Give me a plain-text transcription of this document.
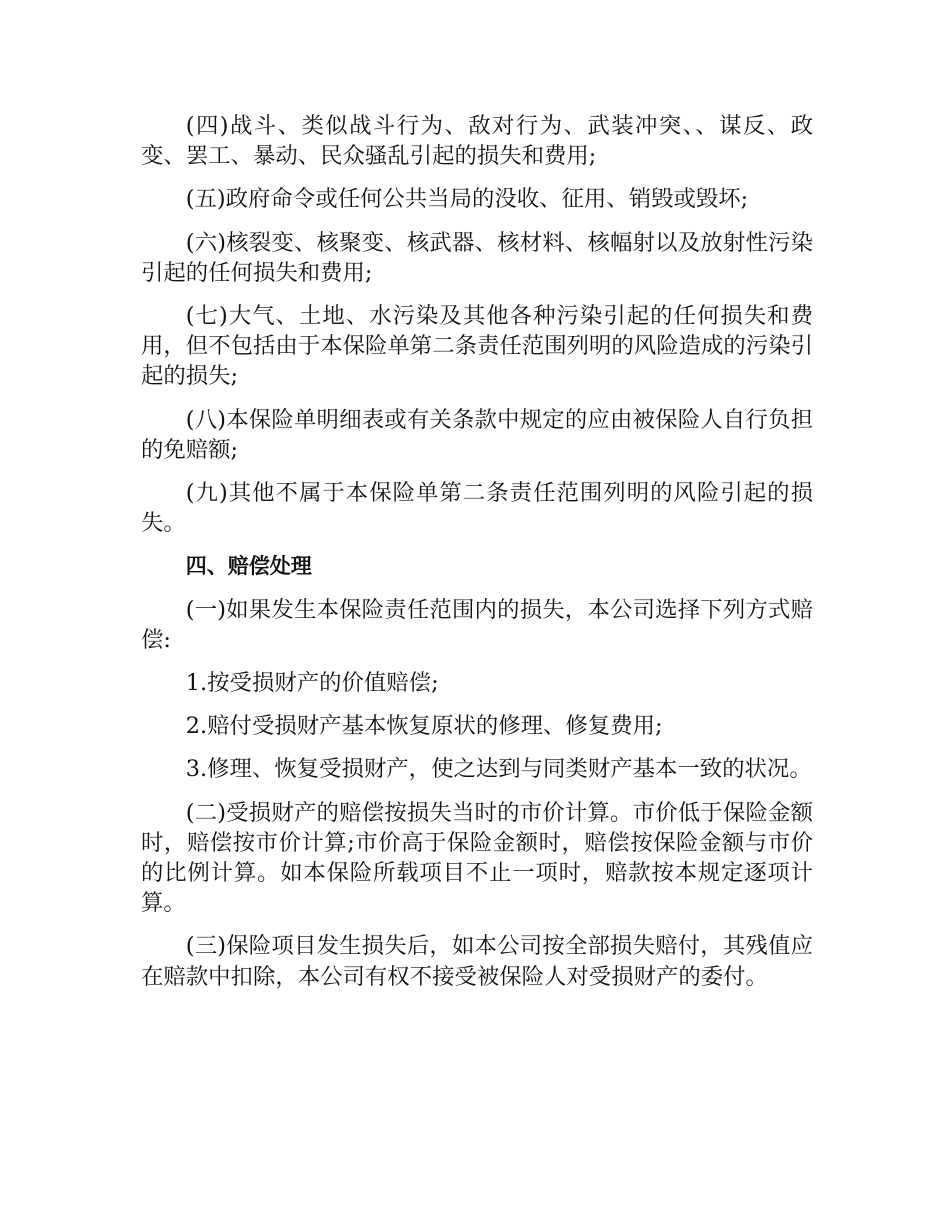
(四)战斗、类似战斗行为、敌对行为、武装冲突、、谋反、政变、罢工、暴动、民众骚乱引起的损失和费用;

(五)政府命令或任何公共当局的没收、征用、销毁或毁坏;

(六)核裂变、核聚变、核武器、核材料、核幅射以及放射性污染引起的任何损失和费用;

(七)大气、土地、水污染及其他各种污染引起的任何损失和费用，但不包括由于本保险单第二条责任范围列明的风险造成的污染引起的损失;

(八)本保险单明细表或有关条款中规定的应由被保险人自行负担的免赔额;

(九)其他不属于本保险单第二条责任范围列明的风险引起的损失。

四、赔偿处理

(一)如果发生本保险责任范围内的损失，本公司选择下列方式赔偿:

1.按受损财产的价值赔偿;

2.赔付受损财产基本恢复原状的修理、修复费用;

3.修理、恢复受损财产，使之达到与同类财产基本一致的状况。

(二)受损财产的赔偿按损失当时的市价计算。市价低于保险金额时，赔偿按市价计算;市价高于保险金额时，赔偿按保险金额与市价的比例计算。如本保险所载项目不止一项时，赔款按本规定逐项计算。

(三)保险项目发生损失后，如本公司按全部损失赔付，其残值应在赔款中扣除，本公司有权不接受被保险人对受损财产的委付。
